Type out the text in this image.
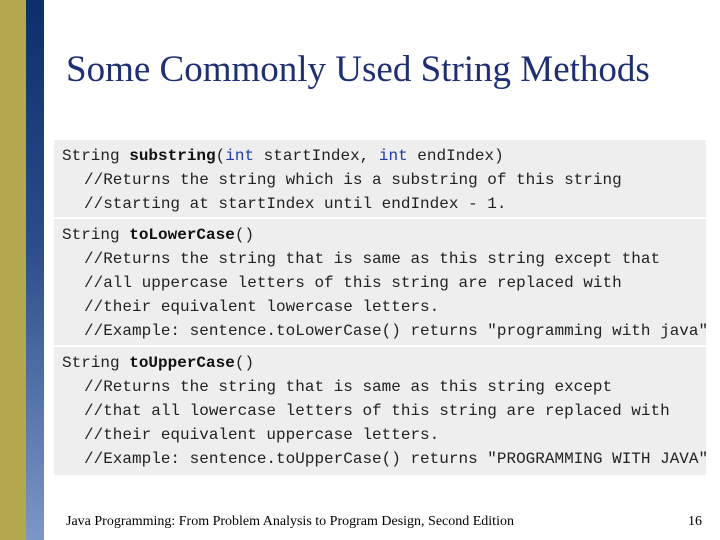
Some Commonly Used String Methods
String substring(int startIndex, int endIndex)
//Returns the string which is a substring of this string
//starting at startIndex until endIndex - 1.
String toLowerCase()
//Returns the string that is same as this string except that
//all uppercase letters of this string are replaced with
//their equivalent lowercase letters.
//Example: sentence.toLowerCase() returns "programming with java"
String toUpperCase()
//Returns the string that is same as this string except
//that all lowercase letters of this string are replaced with
//their equivalent uppercase letters.
//Example: sentence.toUpperCase() returns "PROGRAMMING WITH JAVA"
Java Programming: From Problem Analysis to Program Design, Second Edition	16
